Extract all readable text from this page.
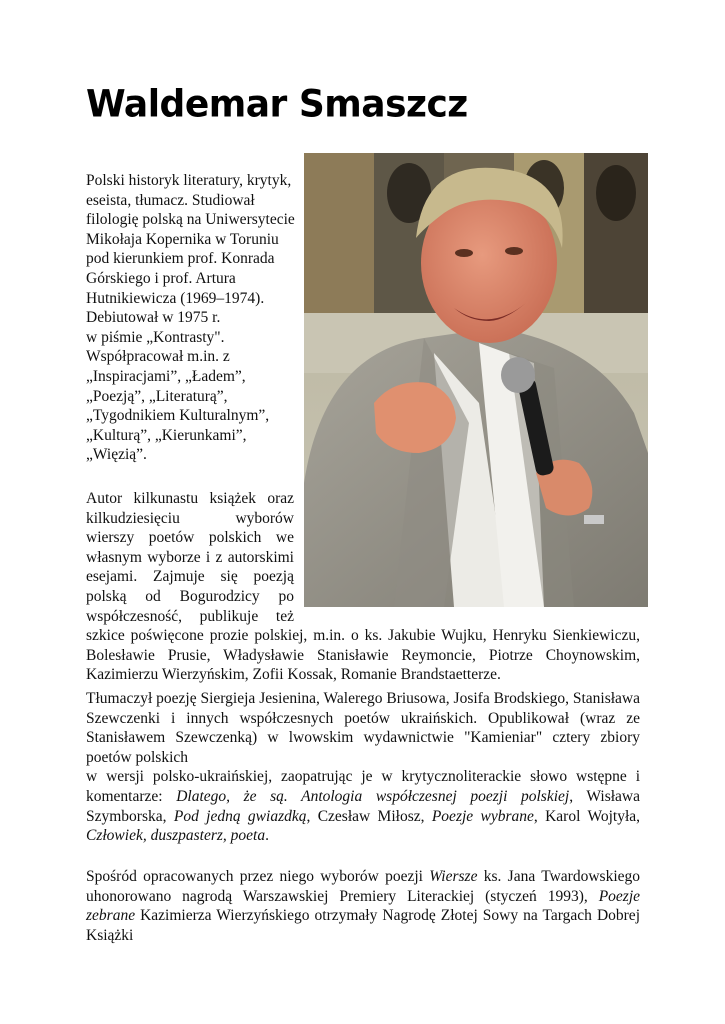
Waldemar Smaszcz

Polski historyk literatury, krytyk,

eseista, tłumacz. Studiował

filologię polską na Uniwersytecie

Mikołaja Kopernika w Toruniu

pod kierunkiem prof. Konrada

Górskiego i prof. Artura

Hutnikiewicza (1969–1974).

Debiutował w 1975 r.

w piśmie „Kontrasty".

Współpracował m.in. z

„Inspiracjami”, „Ładem”,

„Poezją”, „Literaturą”,

„Tygodnikiem Kulturalnym”,

„Kulturą”, „Kierunkami”,

„Więzią”.

Autor kilkunastu książek oraz kilkudziesięciu wyborów wierszy poetów polskich we własnym wyborze i z autorskimi esejami. Zajmuje się poezją polską od Bogurodzicy po współczesność, publikuje też szkice poświęcone prozie polskiej, m.in. o ks. Jakubie Wujku, Henryku Sienkiewiczu, Bolesławie Prusie, Władysławie Stanisławie Reymoncie, Piotrze Choynowskim, Kazimierzu Wierzyńskim, Zofii Kossak, Romanie Brandstaetterze.

Tłumaczył poezję Siergieja Jesienina, Walerego Briusowa, Josifa Brodskiego, Stanisława Szewczenki i innych współczesnych poetów ukraińskich. Opublikował (wraz ze Stanisławem Szewczenką) w lwowskim wydawnictwie "Kamieniar" cztery zbiory poetów polskich
w wersji polsko-ukraińskiej, zaopatrując je w krytycznoliterackie słowo wstępne i komentarze: Dlatego, że są. Antologia współczesnej poezji polskiej, Wisława Szymborska, Pod jedną gwiazdką, Czesław Miłosz, Poezje wybrane, Karol Wojtyła, Człowiek, duszpasterz, poeta.

Spośród opracowanych przez niego wyborów poezji Wiersze ks. Jana Twardowskiego uhonorowano nagrodą Warszawskiej Premiery Literackiej (styczeń 1993), Poezje zebrane Kazimierza Wierzyńskiego otrzymały Nagrodę Złotej Sowy na Targach Dobrej Książki
